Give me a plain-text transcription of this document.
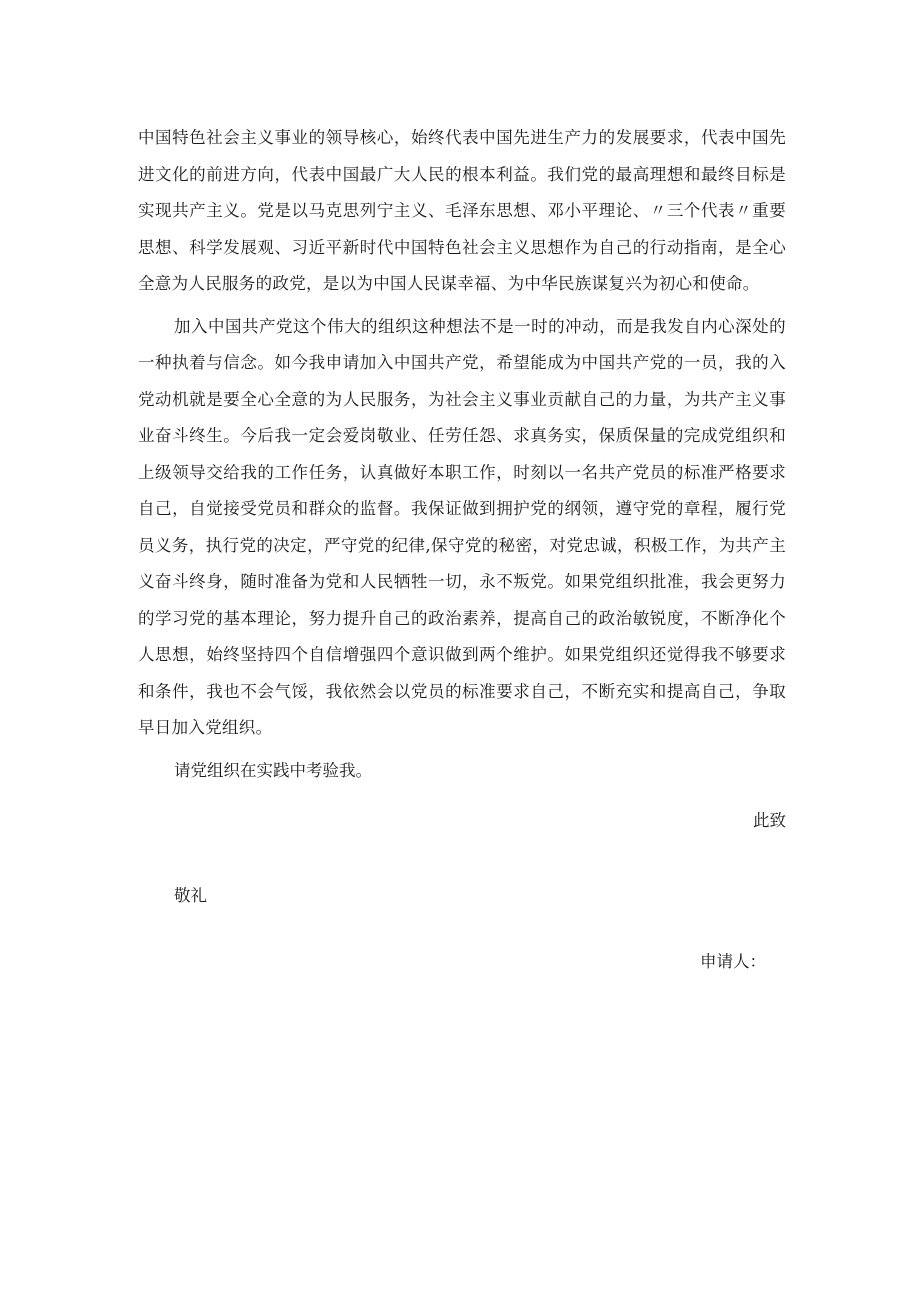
中国特色社会主义事业的领导核心，始终代表中国先进生产力的发展要求，代表中国先进文化的前进方向，代表中国最广大人民的根本利益。我们党的最高理想和最终目标是实现共产主义。党是以马克思列宁主义、毛泽东思想、邓小平理论、〃三个代表〃重要思想、科学发展观、习近平新时代中国特色社会主义思想作为自己的行动指南，是全心全意为人民服务的政党，是以为中国人民谋幸福、为中华民族谋复兴为初心和使命。

加入中国共产党这个伟大的组织这种想法不是一时的冲动，而是我发自内心深处的一种执着与信念。如今我申请加入中国共产党，希望能成为中国共产党的一员，我的入党动机就是要全心全意的为人民服务，为社会主义事业贡献自己的力量，为共产主义事业奋斗终生。今后我一定会爱岗敬业、任劳任怨、求真务实，保质保量的完成党组织和上级领导交给我的工作任务，认真做好本职工作，时刻以一名共产党员的标准严格要求自己，自觉接受党员和群众的监督。我保证做到拥护党的纲领，遵守党的章程，履行党员义务，执行党的决定，严守党的纪律,保守党的秘密，对党忠诚，积极工作，为共产主义奋斗终身，随时准备为党和人民牺牲一切，永不叛党。如果党组织批准，我会更努力的学习党的基本理论，努力提升自己的政治素养，提高自己的政治敏锐度，不断净化个人思想，始终坚持四个自信增强四个意识做到两个维护。如果党组织还觉得我不够要求和条件，我也不会气馁，我依然会以党员的标准要求自己，不断充实和提高自己，争取早日加入党组织。

请党组织在实践中考验我。

此致

敬礼

申请人：
